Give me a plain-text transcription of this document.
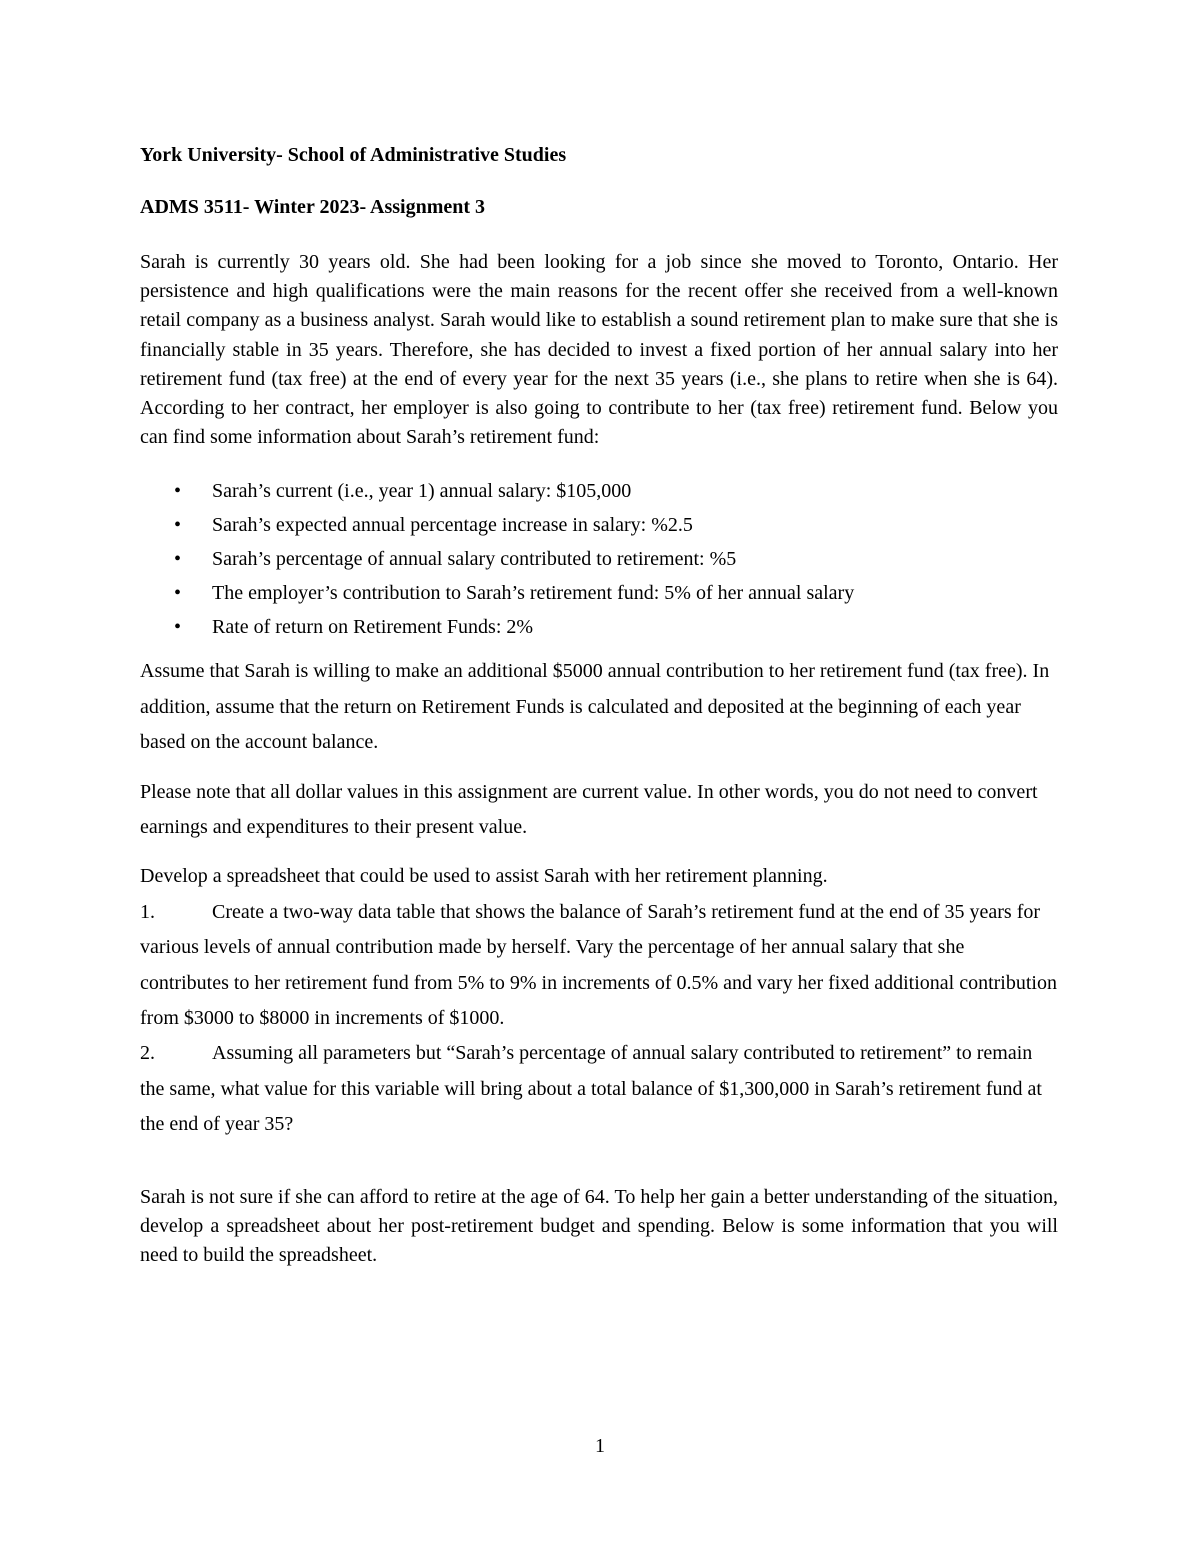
York University- School of Administrative Studies

ADMS 3511- Winter 2023- Assignment 3

Sarah is currently 30 years old. She had been looking for a job since she moved to Toronto, Ontario. Her persistence and high qualifications were the main reasons for the recent offer she received from a well-known retail company as a business analyst. Sarah would like to establish a sound retirement plan to make sure that she is financially stable in 35 years. Therefore, she has decided to invest a fixed portion of her annual salary into her retirement fund (tax free) at the end of every year for the next 35 years (i.e., she plans to retire when she is 64). According to her contract, her employer is also going to contribute to her (tax free) retirement fund. Below you can find some information about Sarah’s retirement fund:

• Sarah’s current (i.e., year 1) annual salary: $105,000
• Sarah’s expected annual percentage increase in salary: %2.5
• Sarah’s percentage of annual salary contributed to retirement: %5
• The employer’s contribution to Sarah’s retirement fund: 5% of her annual salary
• Rate of return on Retirement Funds: 2%

Assume that Sarah is willing to make an additional $5000 annual contribution to her retirement fund (tax free). In addition, assume that the return on Retirement Funds is calculated and deposited at the beginning of each year based on the account balance.

Please note that all dollar values in this assignment are current value. In other words, you do not need to convert earnings and expenditures to their present value.

Develop a spreadsheet that could be used to assist Sarah with her retirement planning.

1.	Create a two-way data table that shows the balance of Sarah’s retirement fund at the end of 35 years for various levels of annual contribution made by herself. Vary the percentage of her annual salary that she contributes to her retirement fund from 5% to 9% in increments of 0.5% and vary her fixed additional contribution from $3000 to $8000 in increments of $1000.

2.	Assuming all parameters but “Sarah’s percentage of annual salary contributed to retirement” to remain the same, what value for this variable will bring about a total balance of $1,300,000 in Sarah’s retirement fund at the end of year 35?

Sarah is not sure if she can afford to retire at the age of 64. To help her gain a better understanding of the situation, develop a spreadsheet about her post-retirement budget and spending. Below is some information that you will need to build the spreadsheet.

1
